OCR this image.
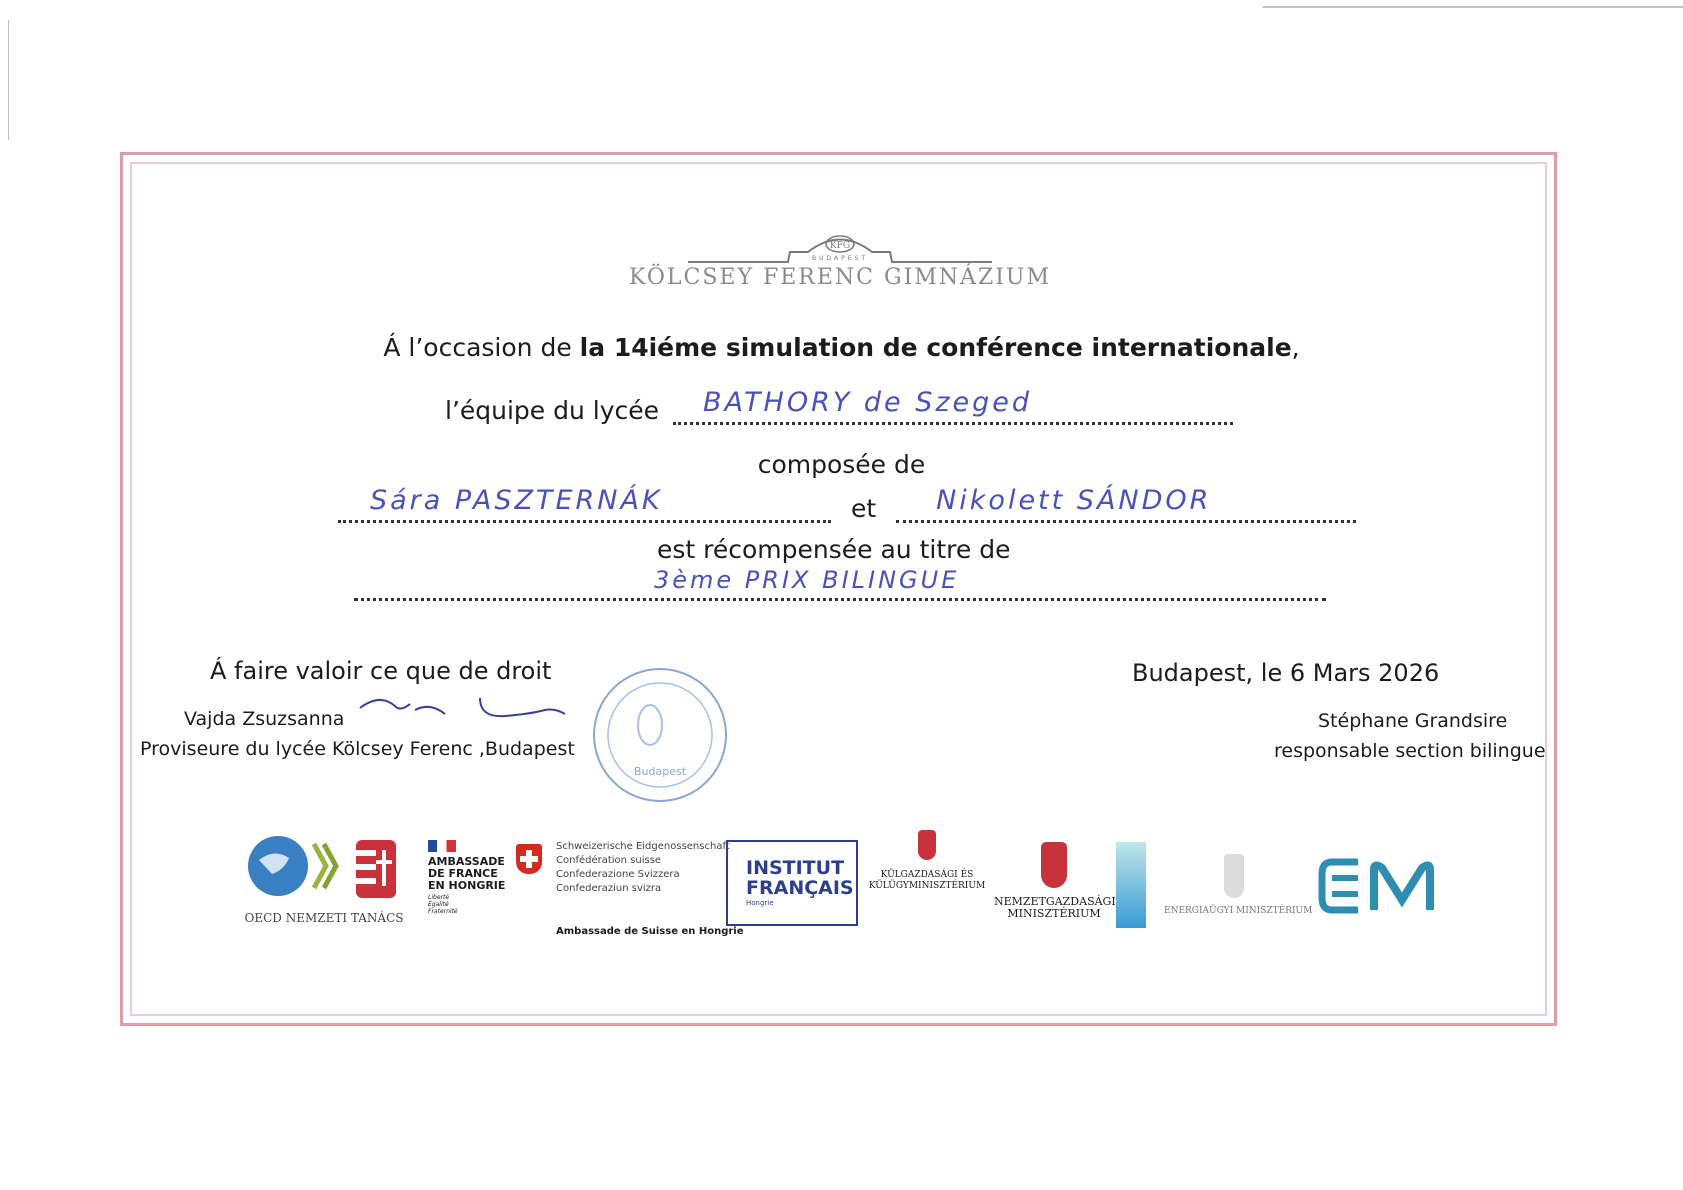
KFG
BUDAPEST
KÖLCSEY FERENC GIMNÁZIUM
Á l’occasion de la 14iéme simulation de conférence internationale,
l’équipe du lycée BATHORY de Szeged
composée de
Sára PASZTERNÁK	et Nikolett SÁNDOR
est récompensée au titre de
3ème PRIX BILINGUE
Á faire valoir ce que de droit
Vajda Zsuzsanna
Proviseure du lycée Kölcsey Ferenc ,Budapest
Budapest
Budapest, le 6 Mars 2026
Stéphane Grandsire
responsable section bilingue
OECD NEMZETI TANÁCS
AMBASSADE
DE FRANCE
EN HONGRIE
Liberté
Égalité
Fraternité
Schweizerische Eidgenossenschaft
Confédération suisse
Confederazione Svizzera
Confederaziun svizra
Ambassade de Suisse en Hongrie
INSTITUT
FRANÇAIS
Hongrie
KÜLGAZDASÁGI ÉS
KÜLÜGYMINISZTÉRIUM
NEMZETGAZDASÁGI
MINISZTÉRIUM	ENERGIAÜGYI MINISZTÉRIUM
